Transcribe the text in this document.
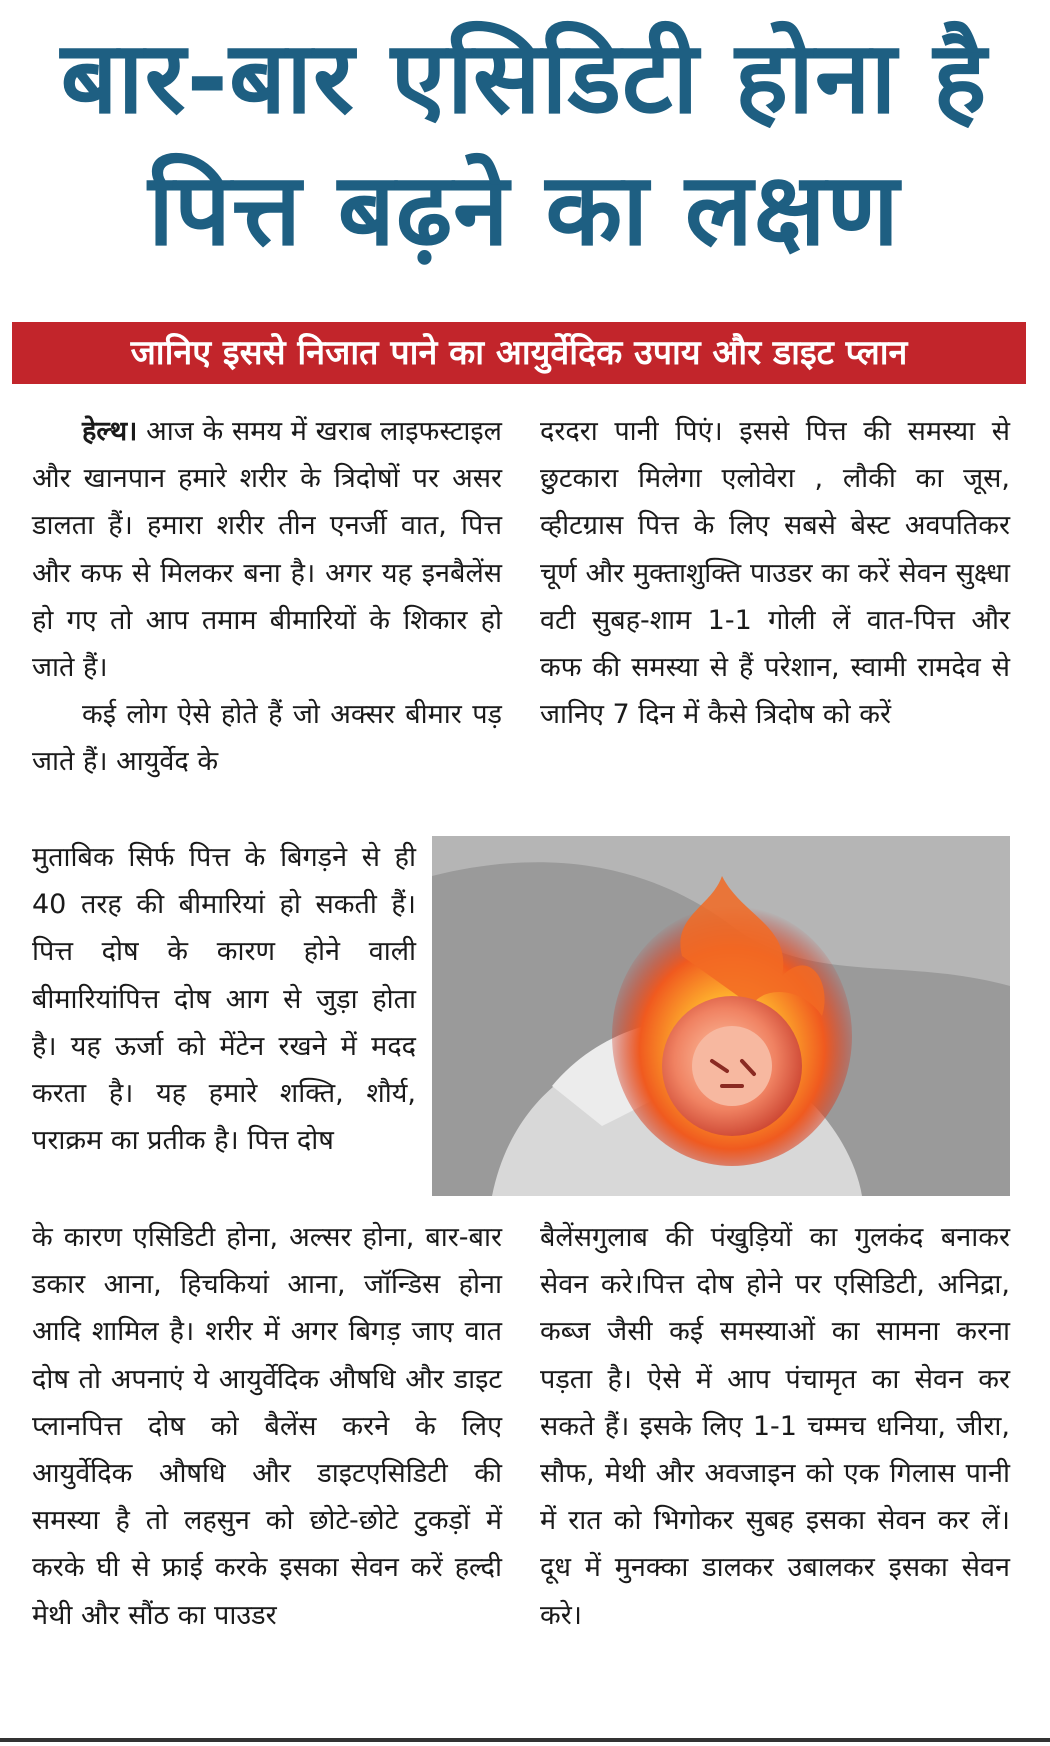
बार-बार एसिडिटी होना है
पित्त बढ़ने का लक्षण
जानिए इससे निजात पाने का आयुर्वेदिक उपाय और डाइट प्लान

हेल्थ। आज के समय में खराब लाइफस्टाइल और खानपान हमारे शरीर के त्रिदोषों पर असर डालता हैं। हमारा शरीर तीन एनर्जी वात, पित्त और कफ से मिलकर बना है। अगर यह इनबैलेंस हो गए तो आप तमाम बीमारियों के शिकार हो जाते हैं।

कई लोग ऐसे होते हैं जो अक्सर बीमार पड़ जाते हैं। आयुर्वेद के

मुताबिक सिर्फ पित्त के बिगड़ने से ही 40 तरह की बीमारियां हो सकती हैं। पित्त दोष के कारण होने वाली बीमारियांपित्त दोष आग से जुड़ा होता है। यह ऊर्जा को मेंटेन रखने में मदद करता है। यह हमारे शक्ति, शौर्य, पराक्रम का प्रतीक है। पित्त दोष

के कारण एसिडिटी होना, अल्सर होना, बार-बार डकार आना, हिचकियां आना, जॉन्डिस होना आदि शामिल है। शरीर में अगर बिगड़ जाए वात दोष तो अपनाएं ये आयुर्वेदिक औषधि और डाइट प्लानपित्त दोष को बैलेंस करने के लिए आयुर्वेदिक औषधि और डाइटएसिडिटी की समस्या है तो लहसुन को छोटे-छोटे टुकड़ों में करके घी से फ्राई करके इसका सेवन करें हल्दी मेथी और सौंठ का पाउडर

दरदरा पानी पिएं। इससे पित्त की समस्या से छुटकारा मिलेगा एलोवेरा , लौकी का जूस, व्हीटग्रास पित्त के लिए सबसे बेस्ट अवपतिकर चूर्ण और मुक्ताशुक्ति पाउडर का करें सेवन सुक्ष्धा वटी सुबह-शाम 1-1 गोली लें वात-पित्त और कफ की समस्या से हैं परेशान, स्वामी रामदेव से जानिए 7 दिन में कैसे त्रिदोष को करें

बैलेंसगुलाब की पंखुड़ियों का गुलकंद बनाकर सेवन करे।पित्त दोष होने पर एसिडिटी, अनिद्रा, कब्ज जैसी कई समस्याओं का सामना करना पड़ता है। ऐसे में आप पंचामृत का सेवन कर सकते हैं। इसके लिए 1-1 चम्मच धनिया, जीरा, सौफ, मेथी और अवजाइन को एक गिलास पानी में रात को भिगोकर सुबह इसका सेवन कर लें। दूध में मुनक्का डालकर उबालकर इसका सेवन करे।
